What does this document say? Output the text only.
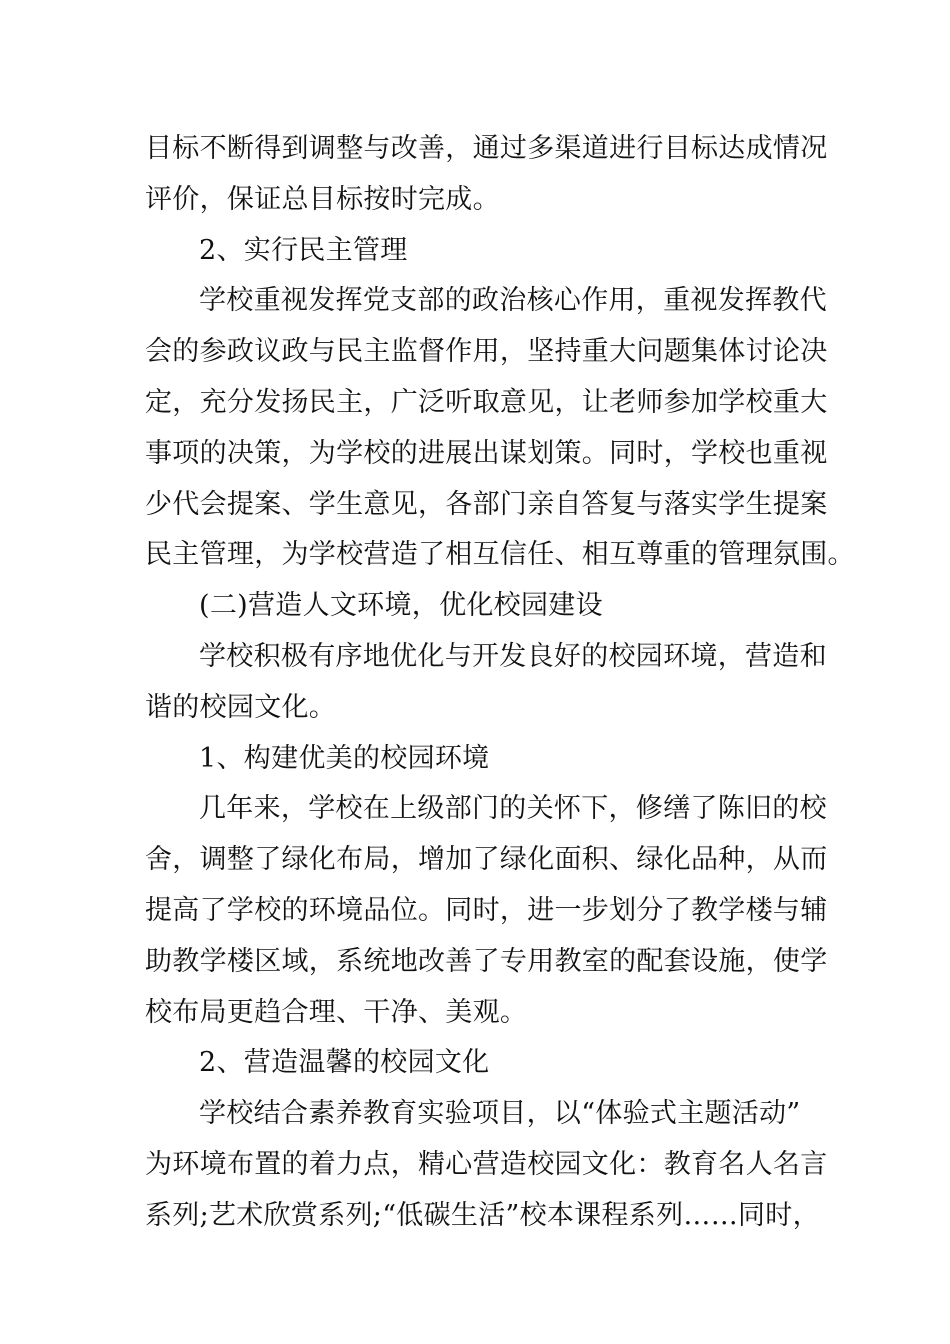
目标不断得到调整与改善，通过多渠道进行目标达成情况
评价，保证总目标按时完成。
2、实行民主管理
学校重视发挥党支部的政治核心作用，重视发挥教代
会的参政议政与民主监督作用，坚持重大问题集体讨论决
定，充分发扬民主，广泛听取意见，让老师参加学校重大
事项的决策，为学校的进展出谋划策。同时，学校也重视
少代会提案、学生意见，各部门亲自答复与落实学生提案
民主管理，为学校营造了相互信任、相互尊重的管理氛围。
(二)营造人文环境，优化校园建设
学校积极有序地优化与开发良好的校园环境，营造和
谐的校园文化。
1、构建优美的校园环境
几年来，学校在上级部门的关怀下，修缮了陈旧的校
舍，调整了绿化布局，增加了绿化面积、绿化品种，从而
提高了学校的环境品位。同时，进一步划分了教学楼与辅
助教学楼区域，系统地改善了专用教室的配套设施，使学
校布局更趋合理、干净、美观。
2、营造温馨的校园文化
学校结合素养教育实验项目，以“体验式主题活动”
为环境布置的着力点，精心营造校园文化：教育名人名言
系列;艺术欣赏系列;“低碳生活”校本课程系列……同时，
